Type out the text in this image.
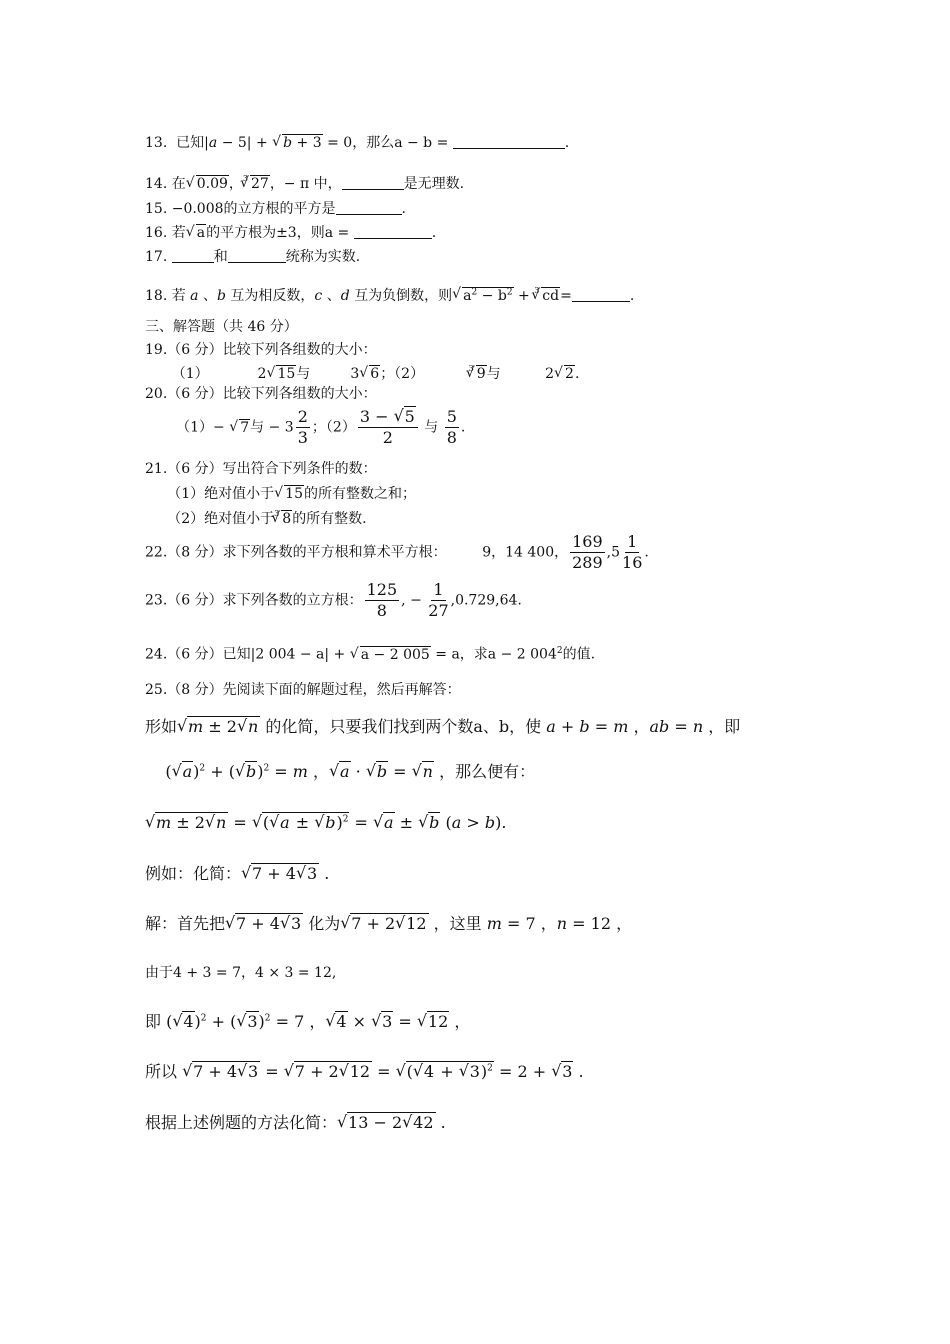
13.  已知|a − 5| + √ b + 3 = 0，那么a − b =	.
14. 在√ 0.09，$^3$√ 27，− π 中，	是无理数.
15. −0.008的立方根的平方是	.
16. 若√ a的平方根为±3，则a =	.
17.	和	统称为实数.
18. 若 a 、b 互为相反数，c 、d 互为负倒数，则√ $a^2 - b^2 + ^3√$ cd=	.
三、解答题（共 46 分）
19.（6 分）比较下列各组数的大小：
（1）           2√ 15与         3√ 6；（2）          $^3$√ 9与          2√ 2.
20.（6 分）比较下列各组数的大小：
（1）− √ 7与 − $3 \frac{2}{3}$ ；$(2) \frac{3 - √ 5}{2}$ 与 $\frac{5}{8}$ .
21.（6 分）写出符合下列条件的数：
（1）绝对值小于√ 15的所有整数之和；
（2）绝对值小于$^3$√ 8的所有整数.
22.（8 分）求下列各数的平方根和算术平方根：        9，14 400， $\frac{169}{289} ,5 \frac{1}{16}$ .
23.（6 分）求下列各数的立方根： $\frac{125}{8}$ , − $\frac{1}{27} ,0.729,64$.
24.（6 分）已知|2 004 − a| + √ a − 2 005 = a，求a − 2 $004^2$的值.
25.（8 分）先阅读下面的解题过程，然后再解答：
形如√ m ± 2√ n 的化简，只要我们找到两个数a、b，使 a + b = m ，ab = n ，即
(√ a)$^2$ + (√ b)$^2$ = m ，√ a · √ b = √ n ，那么便有：
√ m ± 2√ n = √ (√ a ± √ b)$^2$ = √ a ± √ b (a > b).
例如：化简：√ 7 + 4√ 3 .
解：首先把√ 7 + 4√ 3 化为√ 7 + 2√ 12 ，这里 m = 7 ，n = 12 ，
由于4 + 3 = 7，4 × 3 = 12,
即 (√ 4)$^2$ + (√ 3)$^2$ = 7 ，√ 4 × √ 3 = √ 12 ，
所以 √ 7 + 4√ 3 = √ 7 + 2√ 12 = √ (√ 4 + √ 3)$^2$ = 2 + √ 3 .
根据上述例题的方法化简：√ 13 − 2√ 42 .
